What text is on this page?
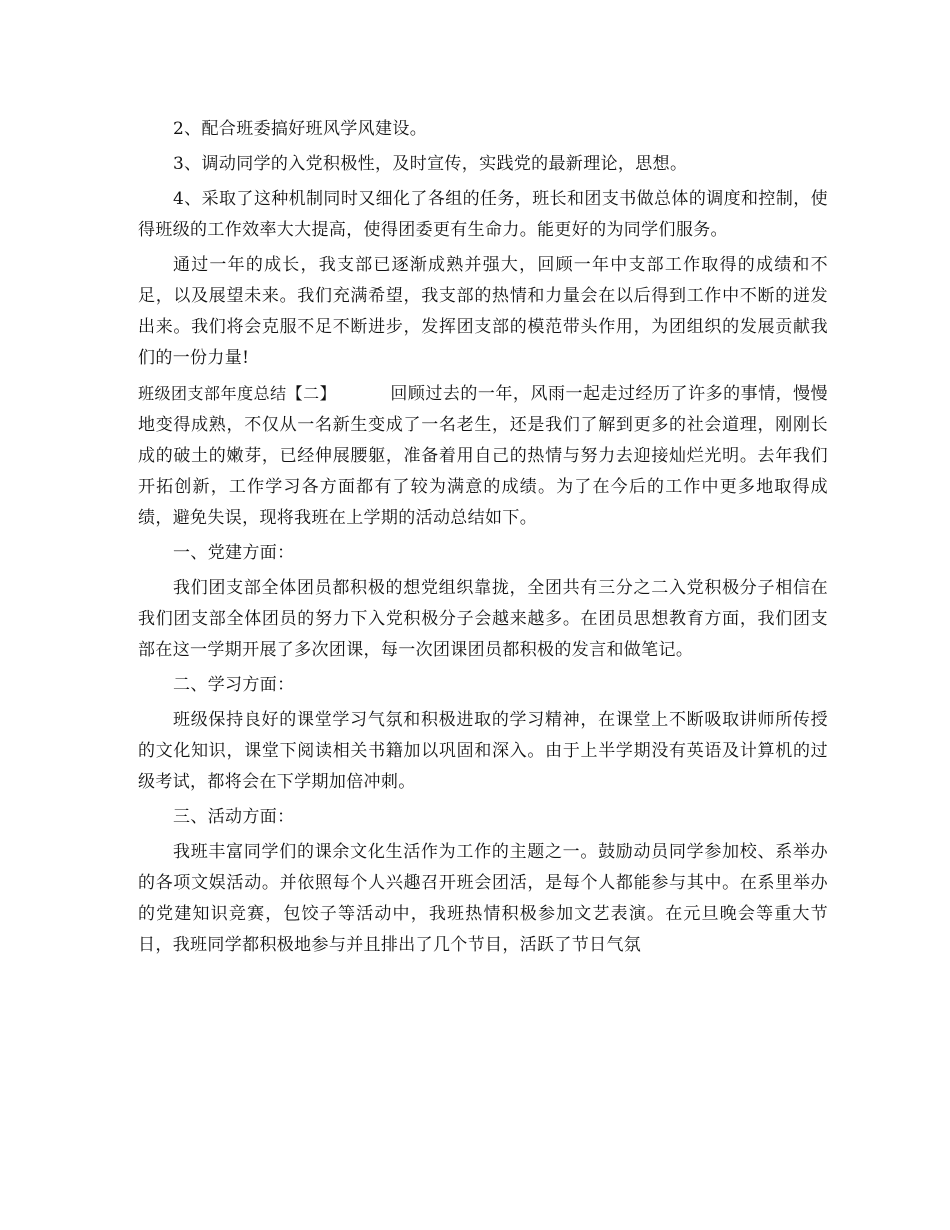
2、配合班委搞好班风学风建设。

3、调动同学的入党积极性，及时宣传，实践党的最新理论，思想。

4、采取了这种机制同时又细化了各组的任务，班长和团支书做总体的调度和控制，使得班级的工作效率大大提高，使得团委更有生命力。能更好的为同学们服务。

通过一年的成长，我支部已逐渐成熟并强大，回顾一年中支部工作取得的成绩和不足，以及展望未来。我们充满希望，我支部的热情和力量会在以后得到工作中不断的迸发出来。我们将会克服不足不断进步，发挥团支部的模范带头作用，为团组织的发展贡献我们的一份力量!

班级团支部年度总结【二】	回顾过去的一年，风雨一起走过经历了许多的事情，慢慢地变得成熟，不仅从一名新生变成了一名老生，还是我们了解到更多的社会道理，刚刚长成的破土的嫩芽，已经伸展腰躯，准备着用自己的热情与努力去迎接灿烂光明。去年我们开拓创新，工作学习各方面都有了较为满意的成绩。为了在今后的工作中更多地取得成绩，避免失误，现将我班在上学期的活动总结如下。

一、党建方面：

我们团支部全体团员都积极的想党组织靠拢，全团共有三分之二入党积极分子相信在我们团支部全体团员的努力下入党积极分子会越来越多。在团员思想教育方面，我们团支部在这一学期开展了多次团课，每一次团课团员都积极的发言和做笔记。

二、学习方面：

班级保持良好的课堂学习气氛和积极进取的学习精神，在课堂上不断吸取讲师所传授的文化知识，课堂下阅读相关书籍加以巩固和深入。由于上半学期没有英语及计算机的过级考试，都将会在下学期加倍冲刺。

三、活动方面：

我班丰富同学们的课余文化生活作为工作的主题之一。鼓励动员同学参加校、系举办的各项文娱活动。并依照每个人兴趣召开班会团活，是每个人都能参与其中。在系里举办的党建知识竞赛，包饺子等活动中，我班热情积极参加文艺表演。在元旦晚会等重大节日，我班同学都积极地参与并且排出了几个节目，活跃了节日气氛
